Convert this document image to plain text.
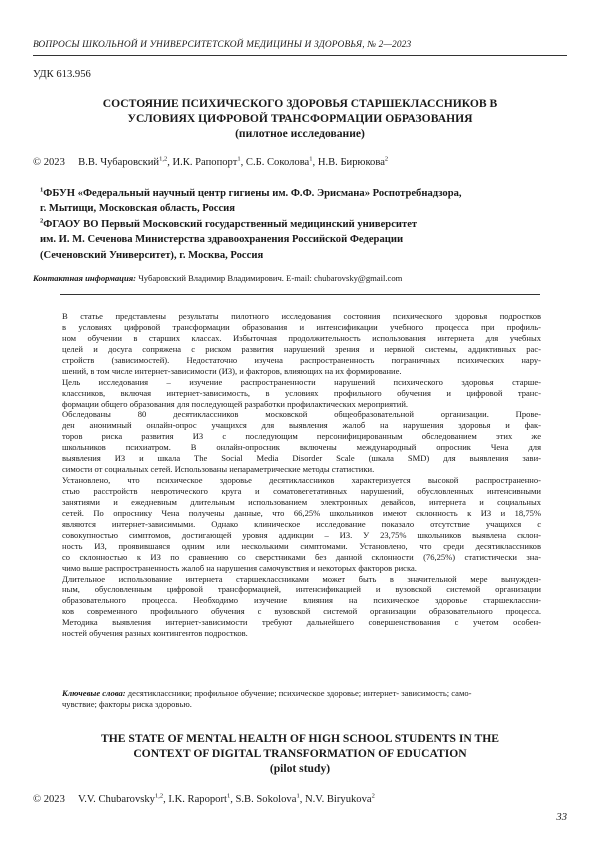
ВОПРОСЫ ШКОЛЬНОЙ И УНИВЕРСИТЕТСКОЙ МЕДИЦИНЫ И ЗДОРОВЬЯ, № 2—2023
УДК 613.956
СОСТОЯНИЕ ПСИХИЧЕСКОГО ЗДОРОВЬЯ СТАРШЕКЛАССНИКОВ В
УСЛОВИЯХ ЦИФРОВОЙ ТРАНСФОРМАЦИИ ОБРАЗОВАНИЯ
(пилотное исследование)
© 2023 В.В. Чубаровский$^{1,2}$, И.К. Рапопорт$^1$, С.Б. Соколова$^1$, Н.В. Бирюкова$^2$
$^1$ФБУН «Федеральный научный центр гигиены им. Ф.Ф. Эрисмана» Роспотребнадзора,
г. Мытищи, Московская область, Россия
$^2$ФГАОУ ВО Первый Московский государственный медицинский университет
им. И. М. Сеченова Министерства здравоохранения Российской Федерации
(Сеченовский Университет), г. Москва, Россия
Контактная информация: Чубаровский Владимир Владимирович. E-mail: chubarovsky@gmail.com
В статье представлены результаты пилотного исследования состояния психического здоровья подростков
в условиях цифровой трансформации образования и интенсификации учебного процесса при профиль-
ном обучении в старших классах. Избыточная продолжительность использования интернета для учебных
целей и досуга сопряжена с риском развития нарушений зрения и нервной системы, аддиктивных рас-
стройств (зависимостей). Недостаточно изучена распространенность пограничных психических нару-
шений, в том числе интернет-зависимости (ИЗ), и факторов, влияющих на их формирование.
Цель исследования – изучение распространенности нарушений психического здоровья старше-
классников, включая интернет-зависимость, в условиях профильного обучения и цифровой транс-
формации общего образования для последующей разработки профилактических мероприятий.
Обследованы 80 десятиклассников московской общеобразовательной организации. Прове-
ден анонимный онлайн-опрос учащихся для выявления жалоб на нарушения здоровья и фак-
торов риска развития ИЗ с последующим персонифицированным обследованием этих же
школьников психиатром. В онлайн-опросник включены международный опросник Чена для
выявления ИЗ и шкала The Social Media Disorder Scale (шкала SMD) для выявления зави-
симости от социальных сетей. Использованы непараметрические методы статистики.
Установлено, что психическое здоровье десятиклассников характеризуется высокой распространенно-
стью расстройств невротического круга и соматовегетативных нарушений, обусловленных интенсивными
занятиями и ежедневным длительным использованием электронных девайсов, интернета и социальных
сетей. По опроснику Чена получены данные, что 66,25% школьников имеют склонность к ИЗ и 18,75%
являются интернет-зависимыми. Однако клиническое исследование показало отсутствие учащихся с
совокупностью симптомов, достигающей уровня аддикции – ИЗ. У 23,75% школьников выявлена склон-
ность ИЗ, проявившаяся одним или несколькими симптомами. Установлено, что среди десятиклассников
со склонностью к ИЗ по сравнению со сверстниками без данной склонности (76,25%) статистически зна-
чимо выше распространенность жалоб на нарушения самочувствия и некоторых факторов риска.
Длительное использование интернета старшеклассниками может быть в значительной мере вынужден-
ным, обусловленным цифровой трансформацией, интенсификацией и вузовской системой организации
образовательного процесса. Необходимо изучение влияния на психическое здоровье старшеклассни-
ков современного профильного обучения с вузовской системой организации образовательного процесса.
Методика выявления интернет-зависимости требуют дальнейшего совершенствования с учетом особен-
ностей обучения разных контингентов подростков.
Ключевые слова: десятиклассники; профильное обучение; психическое здоровье; интернет- зависимость; само-
чувствие; факторы риска здоровью.
THE STATE OF MENTAL HEALTH OF HIGH SCHOOL STUDENTS IN THE
CONTEXT OF DIGITAL TRANSFORMATION OF EDUCATION
(pilot study)
© 2023 V.V. Chubarovsky$^{1,2}$, I.K. Rapoport$^1$, S.B. Sokolova$^1$, N.V. Biryukova$^2$
33
